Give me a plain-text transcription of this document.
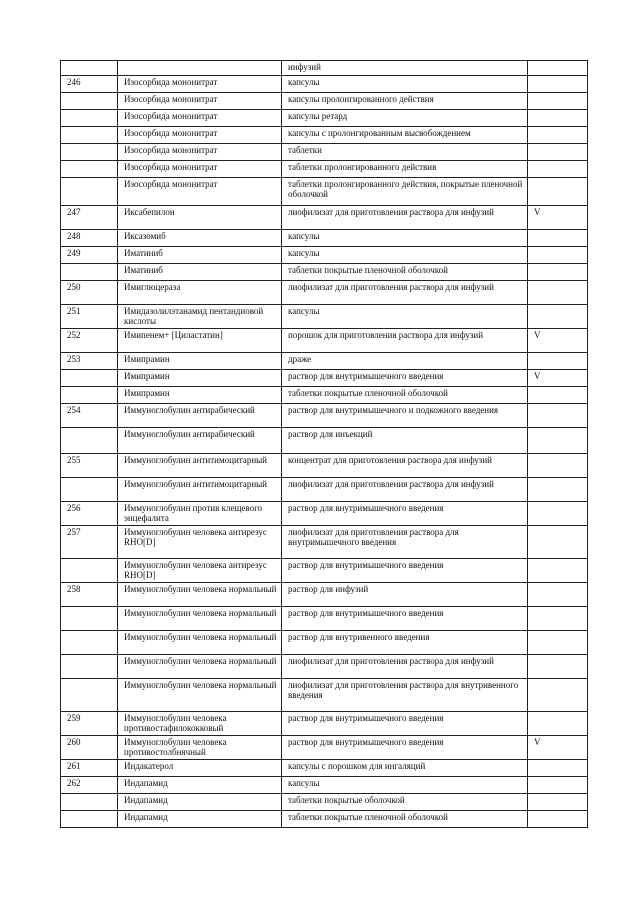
		инфузий	
246	Изосорбида мононитрат	капсулы	
	Изосорбида мононитрат	капсулы пролонгированного действия	
	Изосорбида мононитрат	капсулы ретард	
	Изосорбида мононитрат	капсулы с пролонгированным высвобождением	
	Изосорбида мононитрат	таблетки	
	Изосорбида мононитрат	таблетки пролонгированного действия	
	Изосорбида мононитрат	таблетки пролонгированного действия, покрытые пленочной оболочкой	
247	Иксабепилон	лиофилизат для приготовления раствора для инфузий	V
248	Иксазомиб	капсулы	
249	Иматиниб	капсулы	
	Иматиниб	таблетки покрытые пленочной оболочкой	
250	Имиглюцераза	лиофилизат для приготовления раствора для инфузий	
251	Имидазолилэтанамид пентандиовой кислоты	капсулы	
252	Имипенем+ [Циластатин]	порошок для приготовления раствора для инфузий	V
253	Имипрамин	драже	
	Имипрамин	раствор для внутримышечного введения	V
	Имипрамин	таблетки покрытые пленочной оболочкой	
254	Иммуноглобулин антирабический	раствор для внутримышечного и подкожного введения	
	Иммуноглобулин антирабический	раствор для инъекций	
255	Иммуноглобулин антитимоцитарный	концентрат для приготовления раствора для инфузий	
	Иммуноглобулин антитимоцитарный	лиофилизат для приготовления раствора для инфузий	
256	Иммуноглобулин против клещевого энцефалита	раствор для внутримышечного введения	
257	Иммуноглобулин человека антирезус RHO[D]	лиофилизат для приготовления раствора для внутримышечного введения	
	Иммуноглобулин человека антирезус RHO[D]	раствор для внутримышечного введения	
258	Иммуноглобулин человека нормальный	раствор для инфузий	
	Иммуноглобулин человека нормальный	раствор для внутримышечного введения	
	Иммуноглобулин человека нормальный	раствор для внутривенного введения	
	Иммуноглобулин человека нормальный	лиофилизат для приготовления раствора для инфузий	
	Иммуноглобулин человека нормальный	лиофилизат для приготовления раствора для внутривенного введения	
259	Иммуноглобулин человека противостафилококковый	раствор для внутримышечного введения	
260	Иммуноглобулин человека противостолбнячный	раствор для внутримышечного введения	V
261	Индакатерол	капсулы с порошком для ингаляций	
262	Индапамид	капсулы	
	Индапамид	таблетки покрытые оболочкой	
	Индапамид	таблетки покрытые пленочной оболочкой	
